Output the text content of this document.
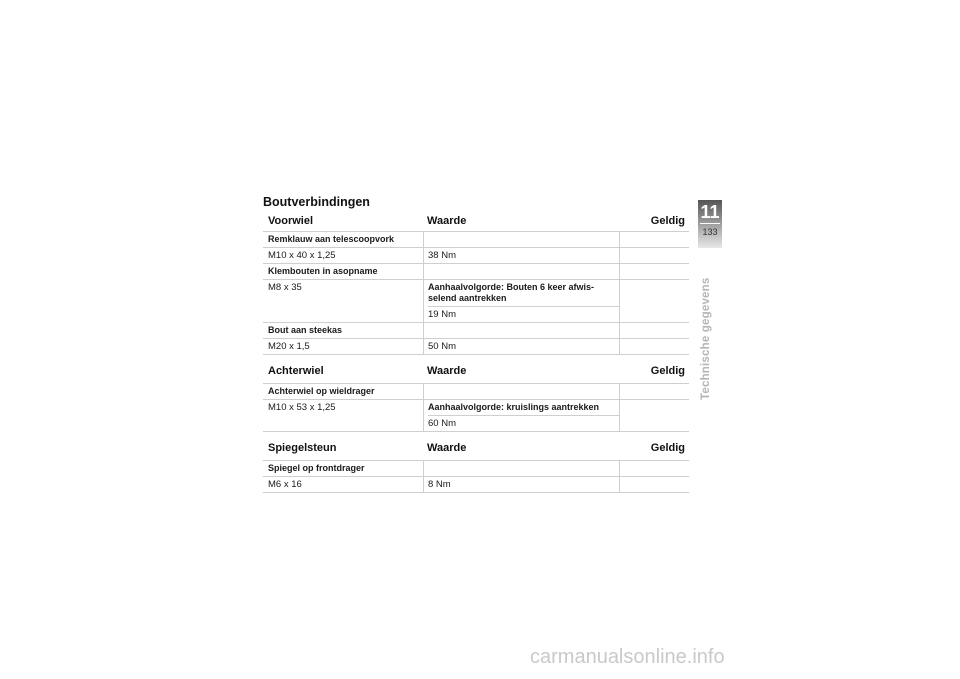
Boutverbindingen
Voorwiel	Waarde	Geldig
Remklauw aan telescoopvork
M10 x 40 x 1,25	38 Nm
Klembouten in asopname
M8 x 35	Aanhaalvolgorde: Bouten 6 keer afwis-selend aantrekken
19 Nm
Bout aan steekas
M20 x 1,5	50 Nm
Achterwiel	Waarde	Geldig
Achterwiel op wieldrager
M10 x 53 x 1,25	Aanhaalvolgorde: kruislings aantrekken
60 Nm
Spiegelsteun	Waarde	Geldig
Spiegel op frontdrager
M6 x 16	8 Nm
11
133
Technische gegevens
carmanualsonline.info
